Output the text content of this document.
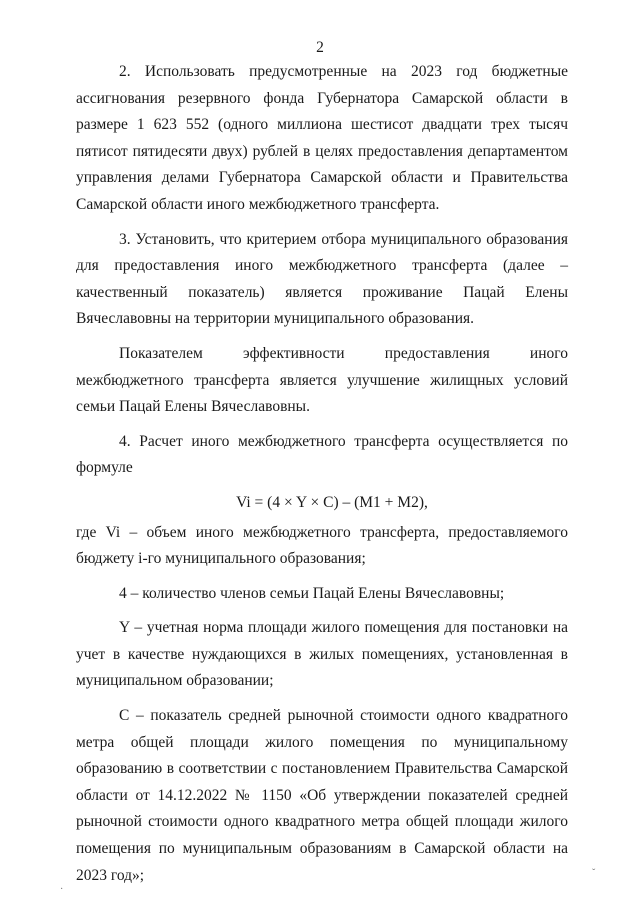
2

2. Использовать предусмотренные на 2023 год бюджетные ассигнования резервного фонда Губернатора Самарской области в размере 1 623 552 (одного миллиона шестисот двадцати трех тысяч пятисот пятидесяти двух) рублей в целях предоставления департаментом управления делами Губернатора Самарской области и Правительства Самарской области иного межбюджетного трансферта.

3. Установить, что критерием отбора муниципального образования для предоставления иного межбюджетного трансферта (далее – качественный показатель) является проживание Пацай Елены Вячеславовны на территории муниципального образования.

Показателем эффективности предоставления иного межбюджетного трансферта является улучшение жилищных условий семьи Пацай Елены Вячеславовны.

4. Расчет иного межбюджетного трансферта осуществляется по формуле

Vi = (4 × Y × C) – (M1 + M2),

где Vi – объем иного межбюджетного трансферта, предоставляемого бюджету i-го муниципального образования;

4 – количество членов семьи Пацай Елены Вячеславовны;

Y – учетная норма площади жилого помещения для постановки на учет в качестве нуждающихся в жилых помещениях, установленная в муниципальном образовании;

C – показатель средней рыночной стоимости одного квадратного метра общей площади жилого помещения по муниципальному образованию в соответствии с постановлением Правительства Самарской области от 14.12.2022 № 1150 «Об утверждении показателей средней рыночной стоимости одного квадратного метра общей площади жилого помещения по муниципальным образованиям в Самарской области на 2023 год»;	ˇ
·
